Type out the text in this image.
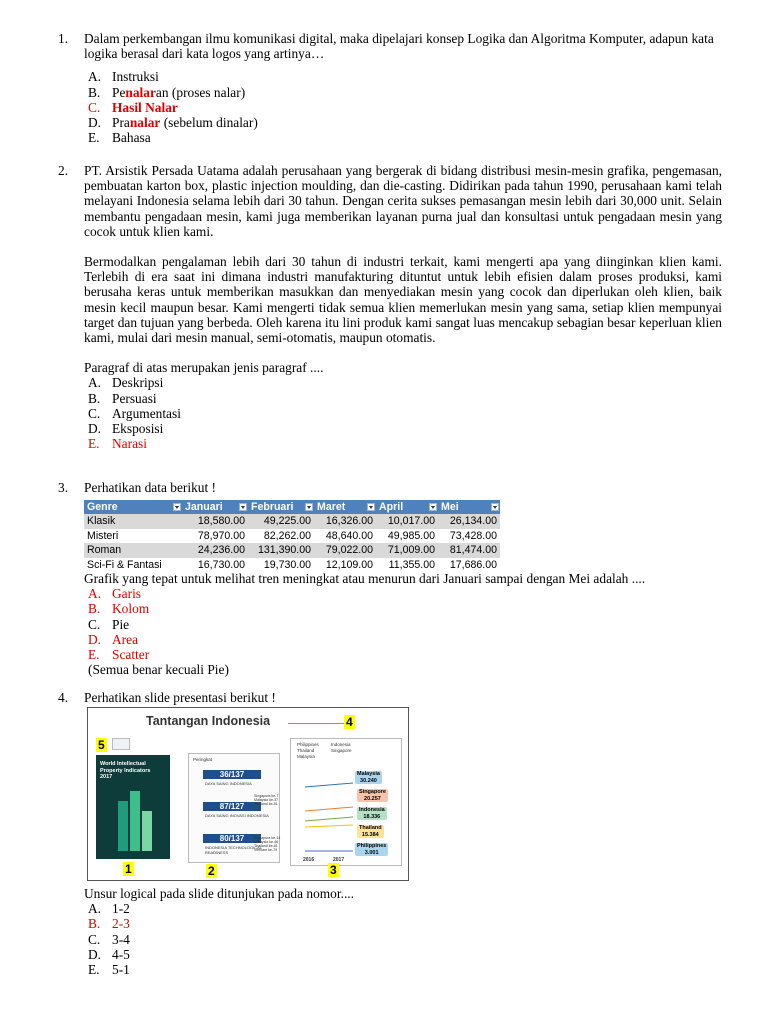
1. Dalam perkembangan ilmu komunikasi digital, maka dipelajari konsep Logika dan Algoritma Komputer, adapun kata logika berasal dari kata logos yang artinya…
A. Instruksi
B. Penalaran (proses nalar)
C. Hasil Nalar
D. Pranalar (sebelum dinalar)
E. Bahasa
2. PT. Arsistik Persada Uatama adalah perusahaan yang bergerak di bidang distribusi mesin-mesin grafika, pengemasan, pembuatan karton box, plastic injection moulding, dan die-casting. Didirikan pada tahun 1990, perusahaan kami telah melayani Indonesia selama lebih dari 30 tahun. Dengan cerita sukses pemasangan mesin lebih dari 30,000 unit. Selain membantu pengadaan mesin, kami juga memberikan layanan purna jual dan konsultasi untuk pengadaan mesin yang cocok untuk klien kami.
Bermodalkan pengalaman lebih dari 30 tahun di industri terkait, kami mengerti apa yang diinginkan klien kami. Terlebih di era saat ini dimana industri manufakturing dituntut untuk lebih efisien dalam proses produksi, kami berusaha keras untuk memberikan masukkan dan menyediakan mesin yang cocok dan diperlukan oleh klien, baik mesin kecil maupun besar. Kami mengerti tidak semua klien memerlukan mesin yang sama, setiap klien mempunyai target dan tujuan yang berbeda. Oleh karena itu lini produk kami sangat luas mencakup sebagian besar keperluan klien kami, mulai dari mesin manual, semi-otomatis, maupun otomatis.
Paragraf di atas merupakan jenis paragraf ....
A. Deskripsi
B. Persuasi
C. Argumentasi
D. Eksposisi
E. Narasi
3. Perhatikan data berikut !
Genre	Januari	Februari	Maret	April	Mei

Klasik	18,580.00	49,225.00	16,326.00	10,017.00	26,134.00
Misteri	78,970.00	82,262.00	48,640.00	49,985.00	73,428.00
Roman	24,236.00	131,390.00	79,022.00	71,009.00	81,474.00
Sci-Fi & Fantasi	16,730.00	19,730.00	12,109.00	11,355.00	17,686.00
Grafik yang tepat untuk melihat tren meningkat atau menurun dari Januari sampai dengan Mei adalah ....
A. Garis
B. Kolom
C. Pie
D. Area
E. Scatter
(Semua benar kecuali Pie)
4. Perhatikan slide presentasi berikut !
Tantangan Indonesia	4
5
World Intellectual Property Indicators 2017
1
Peringkat
36/137
DAYA SAING INDONESIA
87/127
DAYA SAING INOVASI INDONESIA
80/137
INDONESIA TECHNOLOGICAL READINESS
Singapura ke-7 Malaysia ke-37 Thailand ke-51
Singapura ke-14 Malaysia ke-46 Thailand ke-61 Vietnam ke-79
2
Philippines	Indonesia
Thailand	Singapore
Malaysia
Malaysia
30.240
Singapore
20.257
Indonesia
18.336
Thailand
15.384
Philippines
3.001
2016	2017
3
Unsur logical pada slide ditunjukan pada nomor....
A. 1-2
B. 2-3
C. 3-4
D. 4-5
E. 5-1
